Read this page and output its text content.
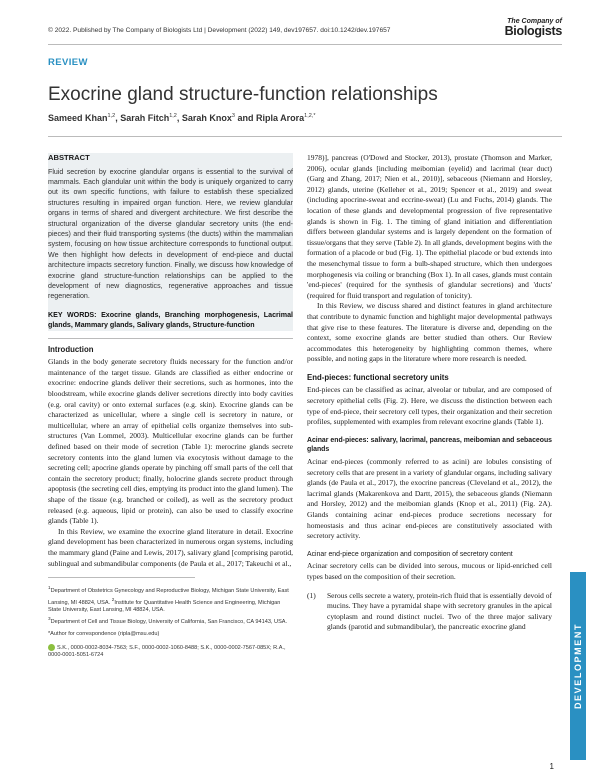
© 2022. Published by The Company of Biologists Ltd | Development (2022) 149, dev197657. doi:10.1242/dev.197657
The Company of
Biologists
REVIEW
Exocrine gland structure-function relationships
Sameed Khan$^{1,2}$, Sarah Fitch$^{1,2}$, Sarah Knox$^3$ and Ripla Arora$^{1,2,*}$
ABSTRACT

Fluid secretion by exocrine glandular organs is essential to the survival of mammals. Each glandular unit within the body is uniquely organized to carry out its own specific functions, with failure to establish these specialized structures resulting in impaired organ function. Here, we review glandular organs in terms of shared and divergent architecture. We first describe the structural organization of the diverse glandular secretory units (the end-pieces) and their fluid transporting systems (the ducts) within the mammalian system, focusing on how tissue architecture corresponds to functional output. We then highlight how defects in development of end-piece and ductal architecture impacts secretory function. Finally, we discuss how knowledge of exocrine gland structure-function relationships can be applied to the development of new diagnostics, regenerative approaches and tissue regeneration.

KEY WORDS: Exocrine glands, Branching morphogenesis, Lacrimal glands, Mammary glands, Salivary glands, Structure-function

Introduction

Glands in the body generate secretory fluids necessary for the function and/or maintenance of the target tissue. Glands are classified as either endocrine or exocrine: endocrine glands deliver their secretions, such as hormones, into the bloodstream, while exocrine glands deliver secretions directly into body cavities (e.g. oral cavity) or onto external surfaces (e.g. skin). Exocrine glands can be characterized as unicellular, where a single cell is secretory in nature, or multicellular, where an array of epithelial cells organize themselves into sub-structures (Van Lommel, 2003). Multicellular exocrine glands can be further defined based on their mode of secretion (Table 1): merocrine glands secrete secretory contents into the gland lumen via exocytosis without damage to the secreting cell; apocrine glands operate by pinching off small parts of the cell that contain the secretory product; finally, holocrine glands secrete product through apoptosis (the secreting cell dies, emptying its product into the gland lumen). The shape of the tissue (e.g. branched or coiled), as well as the secretory product released (e.g. aqueous, lipid or protein), can also be used to classify exocrine glands (Table 1).

In this Review, we examine the exocrine gland literature in detail. Exocrine gland development has been characterized in numerous organ systems, including the mammary gland (Paine and Lewis, 2017), salivary gland [comprising parotid, sublingual and submandibular components (de Paula et al., 2017; Takeuchi et al.,

$^1$Department of Obstetrics Gynecology and Reproductive Biology, Michigan State University, East Lansing, MI 48824, USA. $^2$Institute for Quantitative Health Science and Engineering, Michigan State University, East Lansing, MI 48824, USA.
$^3$Department of Cell and Tissue Biology, University of California, San Francisco, CA 94143, USA.
*Author for correspondence (ripla@msu.edu)
S.K., 0000-0002-8034-7563; S.F., 0000-0002-1060-8488; S.K., 0000-0002-7567-085X; R.A., 0000-0001-5051-6724

1978)], pancreas (O'Dowd and Stocker, 2013), prostate (Thomson and Marker, 2006), ocular glands [including meibomian (eyelid) and lacrimal (tear duct) (Garg and Zhang, 2017; Nien et al., 2010)], sebaceous (Niemann and Horsley, 2012) glands, uterine (Kelleher et al., 2019; Spencer et al., 2019) and sweat (including apocrine-sweat and eccrine-sweat) (Lu and Fuchs, 2014) glands. The location of these glands and developmental progression of five representative glands is shown in Fig. 1. The timing of gland initiation and differentiation differs between glandular systems and is largely dependent on the formation of tissue/organs that they serve (Table 2). In all glands, development begins with the formation of a placode or bud (Fig. 1). The epithelial placode or bud extends into the mesenchymal tissue to form a bulb-shaped structure, which then undergoes morphogenesis via coiling or branching (Box 1). In all cases, glands must contain 'end-pieces' (required for the synthesis of glandular secretions) and 'ducts' (required for fluid transport and regulation of tonicity).

In this Review, we discuss shared and distinct features in gland architecture that contribute to dynamic function and highlight major developmental pathways that give rise to these features. The literature is diverse and, depending on the context, some exocrine glands are better studied than others. Our Review accommodates this heterogeneity by highlighting common themes, where possible, and noting gaps in the literature where more research is needed.

End-pieces: functional secretory units

End-pieces can be classified as acinar, alveolar or tubular, and are composed of secretory epithelial cells (Fig. 2). Here, we discuss the distinction between each type of end-piece, their secretory cell types, their organization and their secretion profiles, supplemented with examples from relevant exocrine glands (Table 1).

Acinar end-pieces: salivary, lacrimal, pancreas, meibomian and sebaceous glands

Acinar end-pieces (commonly referred to as acini) are lobules consisting of secretory cells that are present in a variety of glandular organs, including salivary glands (de Paula et al., 2017), the exocrine pancreas (Cleveland et al., 2012), the lacrimal glands (Makarenkova and Dartt, 2015), the sebaceous glands (Niemann and Horsley, 2012) and the meibomian glands (Knop et al., 2011) (Fig. 2A). Glands containing acinar end-pieces produce secretions necessary for homeostasis and thus acinar end-pieces are constitutively associated with secretory activity.

Acinar end-piece organization and composition of secretory content

Acinar secretory cells can be divided into serous, mucous or lipid-enriched cell types based on the composition of their secretion.

(1)	Serous cells secrete a watery, protein-rich fluid that is essentially devoid of mucins. They have a pyramidal shape with secretory granules in the apical cytoplasm and round distinct nuclei. Two of the three major salivary glands (parotid and submandibular), the pancreatic exocrine gland	DEVELOPMENT
1
